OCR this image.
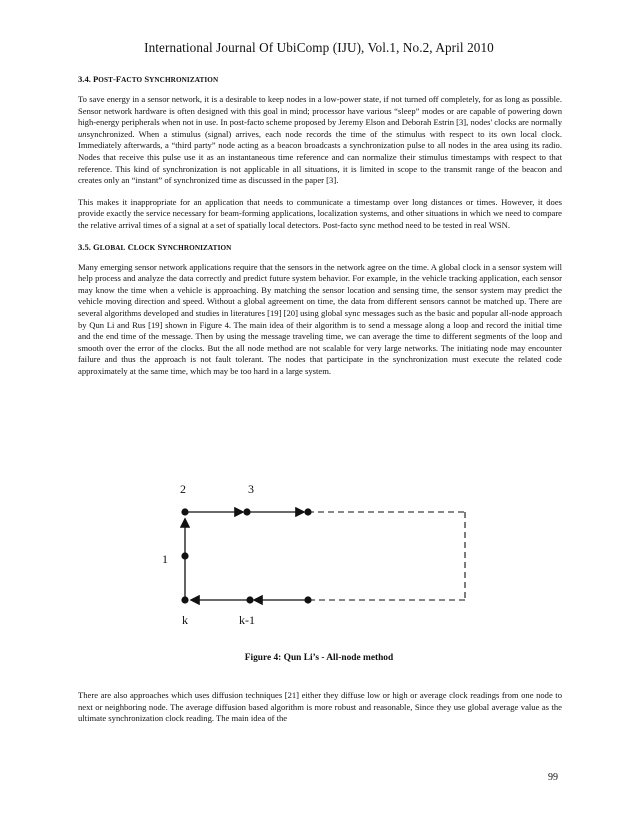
International Journal Of UbiComp (IJU), Vol.1, No.2, April 2010
3.4. POST-FACTO SYNCHRONIZATION

To save energy in a sensor network, it is a desirable to keep nodes in a low-power state, if not turned off completely, for as long as possible. Sensor network hardware is often designed with this goal in mind; processor have various “sleep” modes or are capable of powering down high-energy peripherals when not in use. In post-facto scheme proposed by Jeremy Elson and Deborah Estrin [3], nodes' clocks are normally unsynchronized. When a stimulus (signal) arrives, each node records the time of the stimulus with respect to its own local clock. Immediately afterwards, a “third party” node acting as a beacon broadcasts a synchronization pulse to all nodes in the area using its radio. Nodes that receive this pulse use it as an instantaneous time reference and can normalize their stimulus timestamps with respect to that reference. This kind of synchronization is not applicable in all situations, it is limited in scope to the transmit range of the beacon and creates only an “instant” of synchronized time as discussed in the paper [3].

This makes it inappropriate for an application that needs to communicate a timestamp over long distances or times. However, it does provide exactly the service necessary for beam-forming applications, localization systems, and other situations in which we need to compare the relative arrival times of a signal at a set of spatially local detectors. Post-facto sync method need to be tested in real WSN.

3.5. GLOBAL CLOCK SYNCHRONIZATION

Many emerging sensor network applications require that the sensors in the network agree on the time. A global clock in a sensor system will help process and analyze the data correctly and predict future system behavior. For example, in the vehicle tracking application, each sensor may know the time when a vehicle is approaching. By matching the sensor location and sensing time, the sensor system may predict the vehicle moving direction and speed. Without a global agreement on time, the data from different sensors cannot be matched up. There are several algorithms developed and studies in literatures [19] [20] using global sync messages such as the basic and popular all-node approach by Qun Li and Rus [19] shown in Figure 4. The main idea of their algorithm is to send a message along a loop and record the initial time and the end time of the message. Then by using the message traveling time, we can average the time to different segments of the loop and smooth over the error of the clocks. But the all node method are not scalable for very large networks. The initiating node may encounter failure and thus the approach is not fault tolerant. The nodes that participate in the synchronization must execute the related code approximately at the same time, which may be too hard in a large system.

2	3
1
k	k-1
Figure 4: Qun Li’s - All-node method

There are also approaches which uses diffusion techniques [21] either they diffuse low or high or average clock readings from one node to next or neighboring node. The average diffusion based algorithm is more robust and reasonable, Since they use global average value as the ultimate synchronization clock reading. The main idea of the

99
